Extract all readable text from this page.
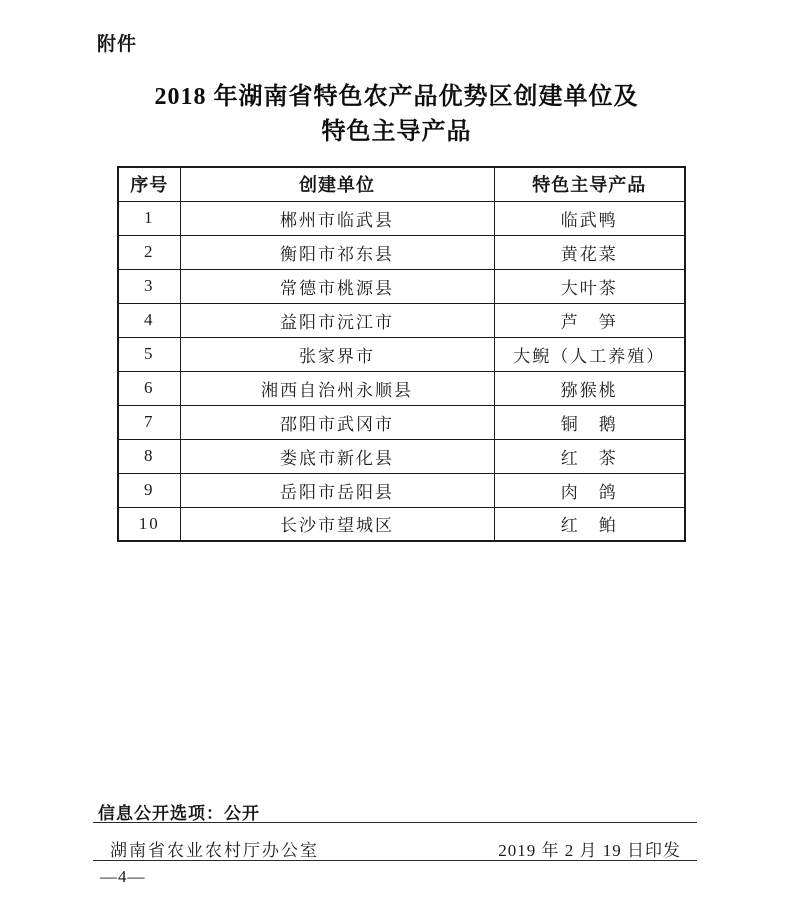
附件
2018 年湖南省特色农产品优势区创建单位及
特色主导产品
序号	创建单位	特色主导产品
1	郴州市临武县	临武鸭
2	衡阳市祁东县	黄花菜
3	常德市桃源县	大叶茶
4	益阳市沅江市	芦　笋
5	张家界市	大鲵（人工养殖）
6	湘西自治州永顺县	猕猴桃
7	邵阳市武冈市	铜　鹅
8	娄底市新化县	红　茶
9	岳阳市岳阳县	肉　鸽
10	长沙市望城区	红　鲌
信息公开选项：公开
湖南省农业农村厅办公室	2019 年 2 月 19 日印发
—4—
